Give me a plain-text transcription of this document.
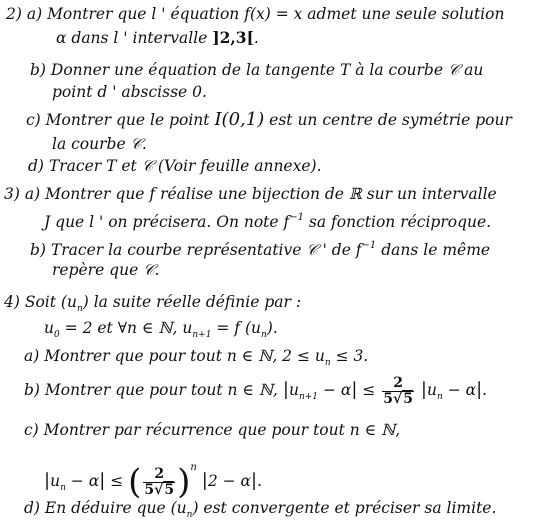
2) a) Montrer que l ' équation f(x) = x admet une seule solution
α dans l ' intervalle ]2,3[.
b) Donner une équation de la tangente T à la courbe 𝒞 au
point d ' abscisse 0.
c) Montrer que le point I(0,1) est un centre de symétrie pour
la courbe 𝒞.
d) Tracer T et 𝒞 (Voir feuille annexe).
3) a) Montrer que f réalise une bijection de ℝ sur un intervalle
J que l ' on précisera. On note $f^{-1}$ sa fonction réciproque.
b) Tracer la courbe représentative 𝒞 ' de $f^{-1}$ dans le même
repère que 𝒞.
4) Soit $(u_n)$ la suite réelle définie par :
$u_0 = 2$ et ∀n ∈ ℕ, $u_{n+1} = f$ $(u_n)$.
a) Montrer que pour tout n ∈ ℕ, $2 \le u_n \le 3$.
b) Montrer que pour tout n ∈ ℕ, $|u_{n+1} - \alpha| \le \frac{2}{5√5} |u_n - \alpha|$.
c) Montrer par récurrence que pour tout n ∈ ℕ,
$|u_n - \alpha|$ ≤ ( $\frac{2}{5√5} )^n$ |2 − α|.
d) En déduire que $(u_n)$ est convergente et préciser sa limite.
